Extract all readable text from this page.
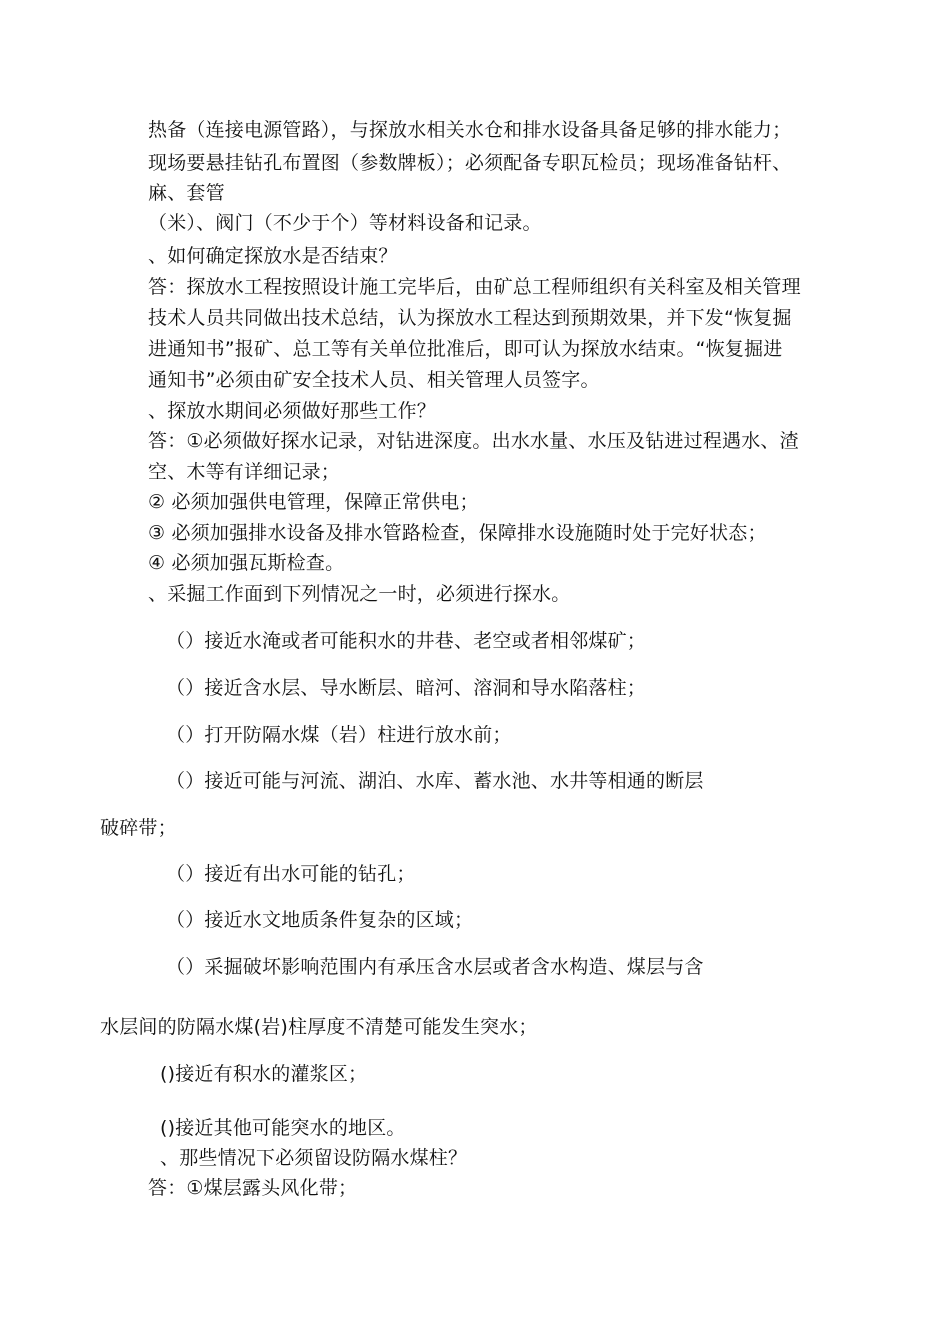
热备（连接电源管路），与探放水相关水仓和排水设备具备足够的排水能力；
现场要悬挂钻孔布置图（参数牌板）；必须配备专职瓦检员；现场准备钻杆、
麻、套管
（米）、阀门（不少于个）等材料设备和记录。
、如何确定探放水是否结束？
答：探放水工程按照设计施工完毕后，由矿总工程师组织有关科室及相关管理
技术人员共同做出技术总结，认为探放水工程达到预期效果，并下发“恢复掘
进通知书”报矿、总工等有关单位批准后，即可认为探放水结束。“恢复掘进
通知书”必须由矿安全技术人员、相关管理人员签字。
、探放水期间必须做好那些工作？
答：①必须做好探水记录，对钻进深度。出水水量、水压及钻进过程遇水、渣
空、木等有详细记录；
② 必须加强供电管理，保障正常供电；
③ 必须加强排水设备及排水管路检查，保障排水设施随时处于完好状态；
④ 必须加强瓦斯检查。
、采掘工作面到下列情况之一时，必须进行探水。
（）接近水淹或者可能积水的井巷、老空或者相邻煤矿；
（）接近含水层、导水断层、暗河、溶洞和导水陷落柱；
（）打开防隔水煤（岩）柱进行放水前；
（）接近可能与河流、湖泊、水库、蓄水池、水井等相通的断层
破碎带；
（）接近有出水可能的钻孔；
（）接近水文地质条件复杂的区域；
（）采掘破坏影响范围内有承压含水层或者含水构造、煤层与含
水层间的防隔水煤(岩)柱厚度不清楚可能发生突水；
()接近有积水的灌浆区；
()接近其他可能突水的地区。
、那些情况下必须留设防隔水煤柱？
答：①煤层露头风化带；
